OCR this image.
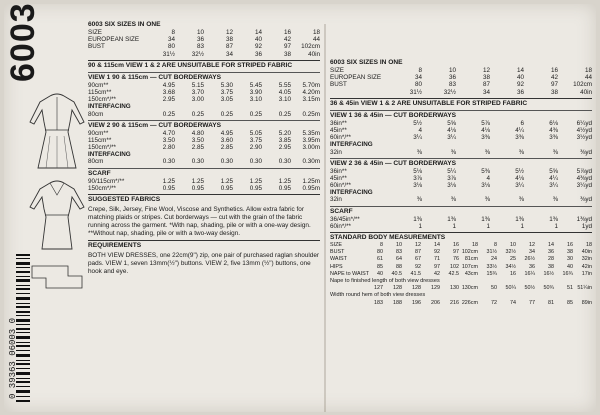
6003
0 39363 06003 0
6003 SIX SIZES IN ONE
SIZE	8	10	12	14	16	18
EUROPEAN SIZE	34	36	38	40	42	44
BUST	80	83	87	92	97	102cm
31½	32½	34	36	38	40in
90 & 115cm VIEW 1 & 2 ARE UNSUITABLE FOR STRIPED FABRIC
VIEW 1 90 & 115cm — CUT BORDERWAYS
90cm**	4.95	5.15	5.30	5.45	5.55	5.70m
115cm**	3.68	3.70	3.75	3.90	4.05	4.20m
150cm*/**	2.95	3.00	3.05	3.10	3.10	3.15m
INTERFACING
80cm	0.25	0.25	0.25	0.25	0.25	0.25m
VIEW 2 90 & 115cm — CUT BORDERWAYS
90cm**	4.70	4.80	4.95	5.05	5.20	5.35m
115cm**	3.50	3.50	3.60	3.75	3.85	3.95m
150cm*/**	2.80	2.85	2.85	2.90	2.95	3.00m
INTERFACING
80cm	0.30	0.30	0.30	0.30	0.30	0.30m
SCARF
90/115cm*/**	1.25	1.25	1.25	1.25	1.25	1.25m
150cm*/**	0.95	0.95	0.95	0.95	0.95	0.95m
SUGGESTED FABRICS
Crepe, Silk, Jersey, Fine Wool, Viscose and Synthetics. Allow extra fabric for matching plaids or stripes. Cut borderways — cut with the grain of the fabric running across the garment. *With nap, shading, pile or with a one-way design. **Without nap, shading, pile or with a two-way design.
REQUIREMENTS
BOTH VIEW DRESSES, one 22cm(9") zip, one pair of purchased raglan shoulder pads. VIEW 1, seven 13mm(½") buttons. VIEW 2, five 13mm (½") buttons, one hook and eye.
6003 SIX SIZES IN ONE
SIZE	8	10	12	14	16	18
EUROPEAN SIZE	34	36	38	40	42	44
BUST	80	83	87	92	97	102cm
31½	32½	34	36	38	40in
36 & 45in VIEW 1 & 2 ARE UNSUITABLE FOR STRIPED FABRIC
VIEW 1 36 & 45in — CUT BORDERWAYS
36in**	5½	5⅝	5⅞	6	6⅛	6¼yd
45in**	4	4⅛	4⅛	4¼	4⅜	4½yd
60in*/**	3¼	3¼	3⅜	3⅜	3⅜	3½yd
INTERFACING
32in	⅜	⅜	⅜	⅜	⅜	⅜yd
VIEW 2 36 & 45in — CUT BORDERWAYS
36in**	5⅛	5¼	5⅜	5½	5⅝	5⅞yd
45in**	3⅞	3⅞	4	4⅛	4¼	4⅜yd
60in*/**	3⅛	3⅛	3⅛	3¼	3¼	3¼yd
INTERFACING
32in	⅜	⅜	⅜	⅜	⅜	⅜yd
SCARF
36/45in*/**	1⅜	1⅜	1⅜	1⅜	1⅜	1⅜yd
60in*/**	1	1	1	1	1	1yd
STANDARD BODY MEASUREMENTS
SIZE	8	10	12	14	16	18	8	10	12	14	16	18
BUST	80	83	87	92	97 102cm	31½	32½	34	36	38	40in
WAIST	61	64	67	71	76	81cm	24	25	26½	28	30	32in
HIPS	85	88	92	97	102 107cm	33½	34½	36	38	40	42in
NAPE to WAIST	40	40.5	41.5	42	42.5	43cm	15¾	16	16¼	16½	16¾	17in
Nape to finished length of both view dresses
127	128	128	129	130 130cm	50	50¼	50½	50¾	51 51¼in
Width round hem of both view dresses
183	188	196	206	216 226cm	72	74	77	81	85	89in
